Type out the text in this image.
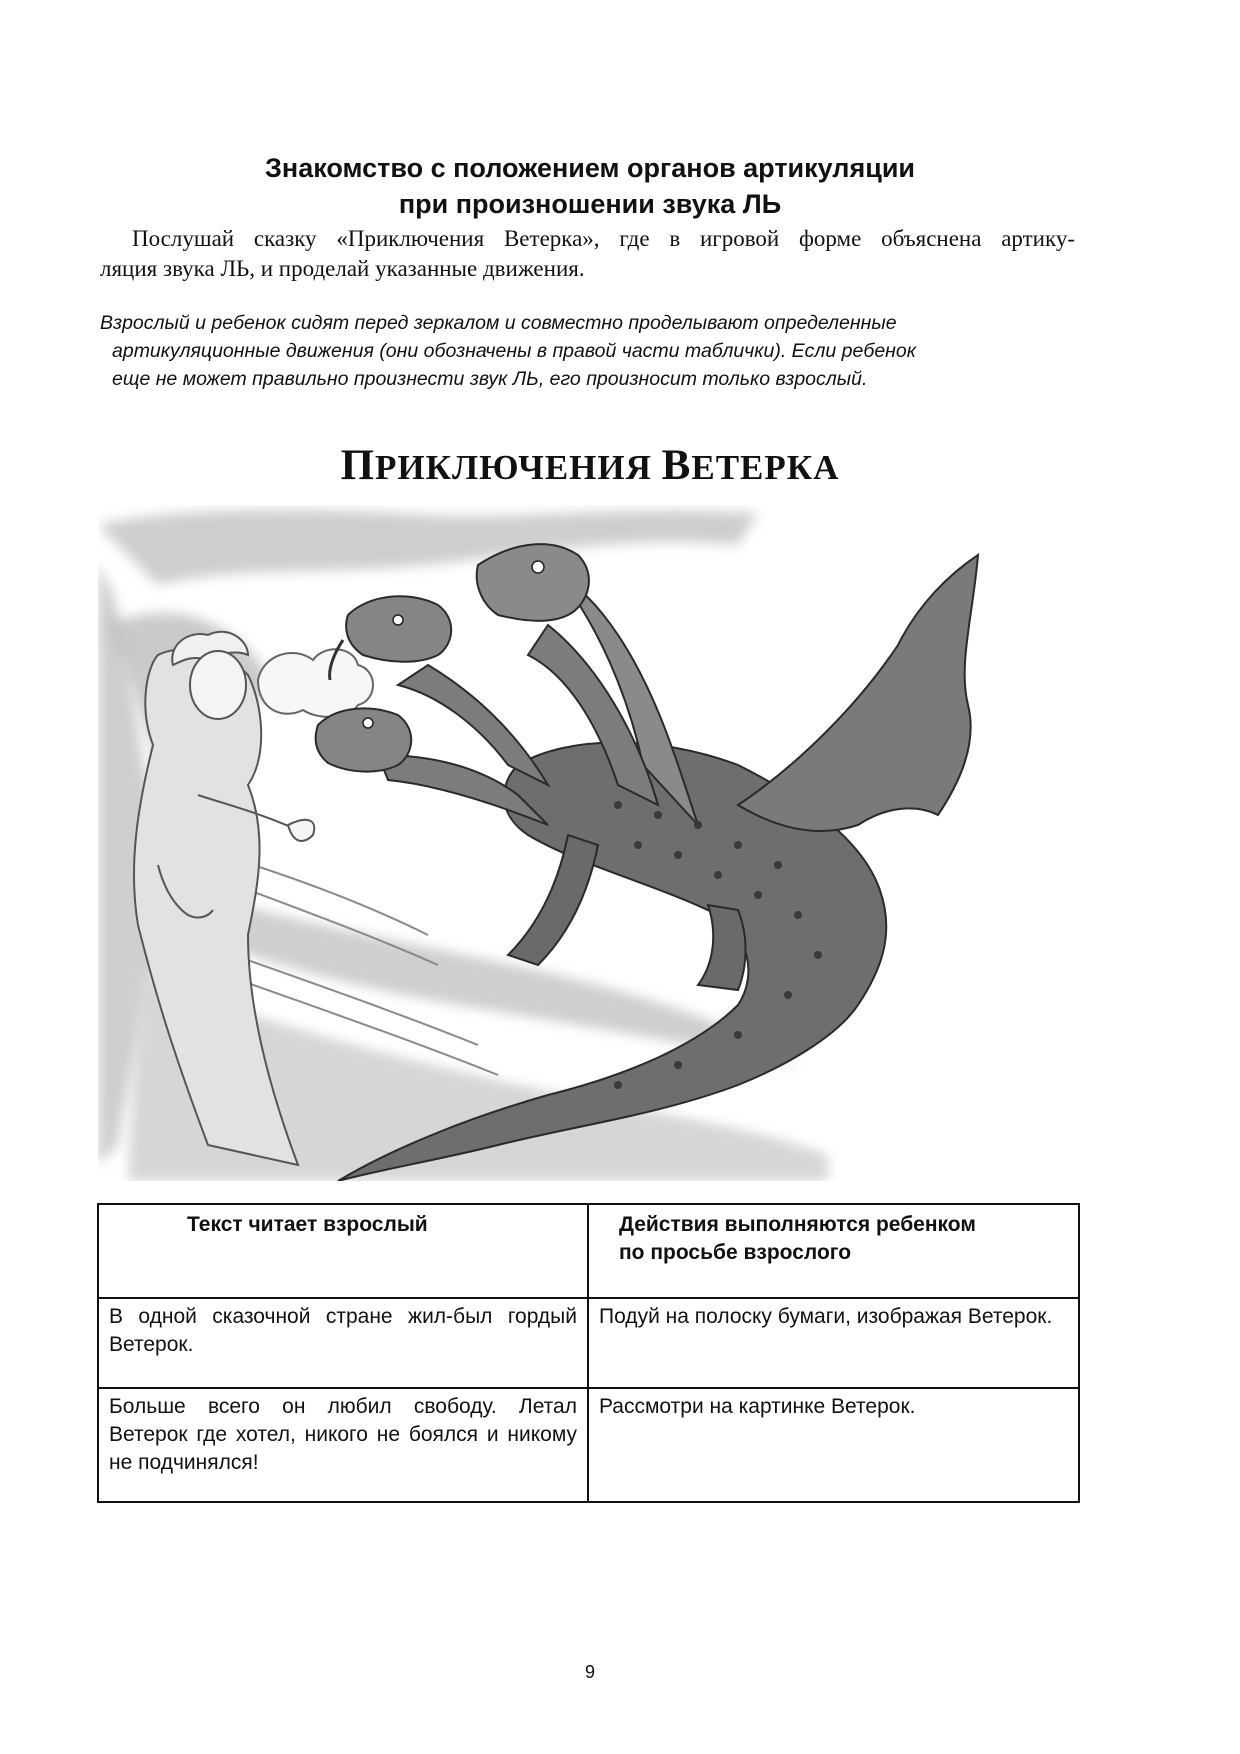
Знакомство с положением органов артикуляции
при произношении звука ЛЬ
Послушай сказку «Приключения Ветерка», где в игровой форме объяснена артику-
ляция звука ЛЬ, и проделай указанные движения.
Взрослый и ребенок сидят перед зеркалом и совместно проделывают определенные
артикуляционные движения (они обозначены в правой части таблички). Если ребенок
еще не может правильно произнести звук ЛЬ, его произносит только взрослый.
ПРИКЛЮЧЕНИЯ ВЕТЕРКА
Текст читает взрослый	Действия выполняются ребенком
по просьбе взрослого

В одной сказочной стране жил-был гордый Ветерок.	Подуй на полоску бумаги, изображая Ветерок.
Больше всего он любил свободу. Летал Ветерок где хотел, никого не боялся и никому не подчинялся!	Рассмотри на картинке Ветерок.
9
